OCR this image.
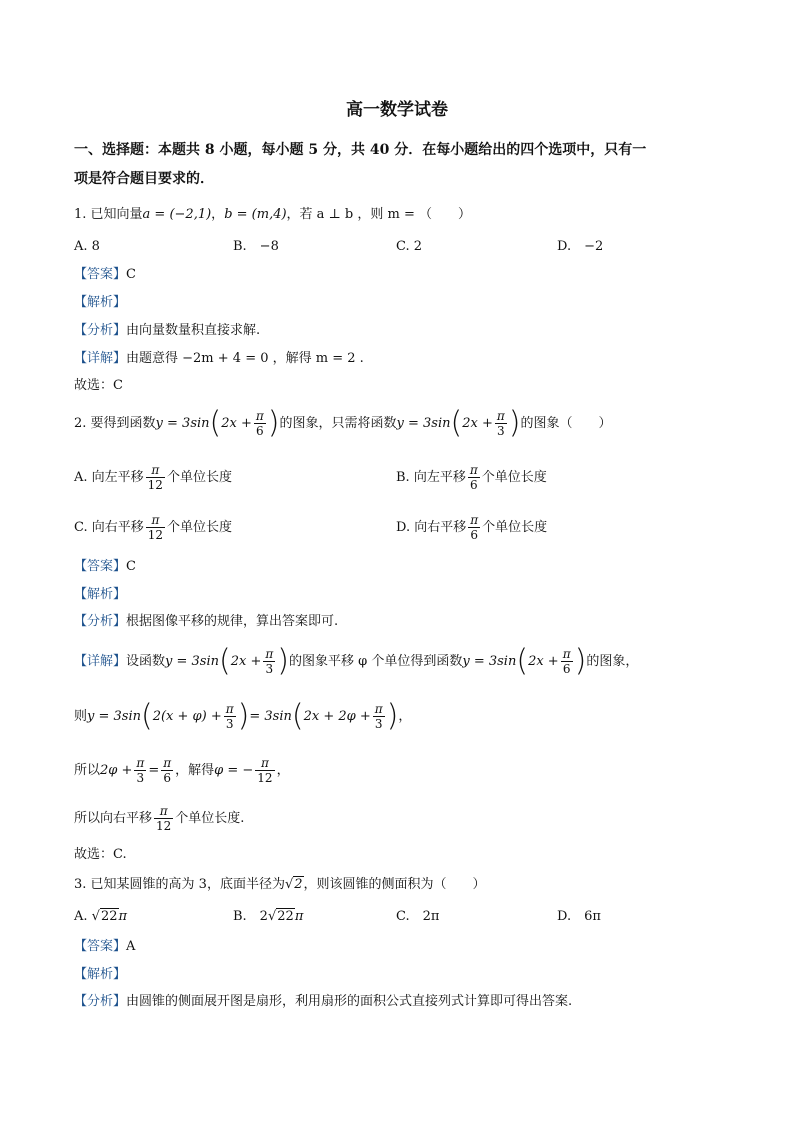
高一数学试卷
一、选择题：本题共 8 小题，每小题 5 分，共 40 分．在每小题给出的四个选项中，只有一
项是符合题目要求的．
1. 已知向量a = (−2,1)，b = (m,4)，若 a ⊥ b ，则 m = （　　）
A. 8	B.　−8	C. 2	D.　−2
【答案】C
【解析】
【分析】由向量数量积直接求解.
【详解】由题意得 −2m + 4 = 0 ，解得 m = 2 .
故选：C
2. 要得到函数$y = 3\sin(2x + \frac{\pi}{6}$ )的图象，只需将函数$y = 3\sin(2x + \frac{\pi}{3}$ )的图象（　　）
A. 向左平移 $\frac{\pi}{12}$ 个单位长度	B. 向左平移 $\frac{\pi}{6}$ 个单位长度
C. 向右平移 $\frac{\pi}{12}$ 个单位长度	D. 向右平移 $\frac{\pi}{6}$ 个单位长度
【答案】C
【解析】
【分析】根据图像平移的规律，算出答案即可.
【详解】设函数$y = 3\sin(2x + \frac{\pi}{3}$ )的图象平移 φ 个单位得到函数$y = 3\sin(2x + \frac{\pi}{6}$ )的图象，
则$y = 3\sin(2(x + \varphi) + \frac{\pi}{3}$ )= $3\sin(2x + 2\varphi + \frac{\pi}{3}$ )，
所以$2\varphi + \frac{\pi}{3} = \frac{\pi}{6}$ ，解得φ = − $\frac{\pi}{12}$ ，
所以向右平移 $\frac{\pi}{12}$ 个单位长度.
故选：C.
3. 已知某圆锥的高为 3，底面半径为√2，则该圆锥的侧面积为（　　）
A. √22π	B.　2√22π	C.　2π	D.　6π
【答案】A
【解析】
【分析】由圆锥的侧面展开图是扇形，利用扇形的面积公式直接列式计算即可得出答案.
